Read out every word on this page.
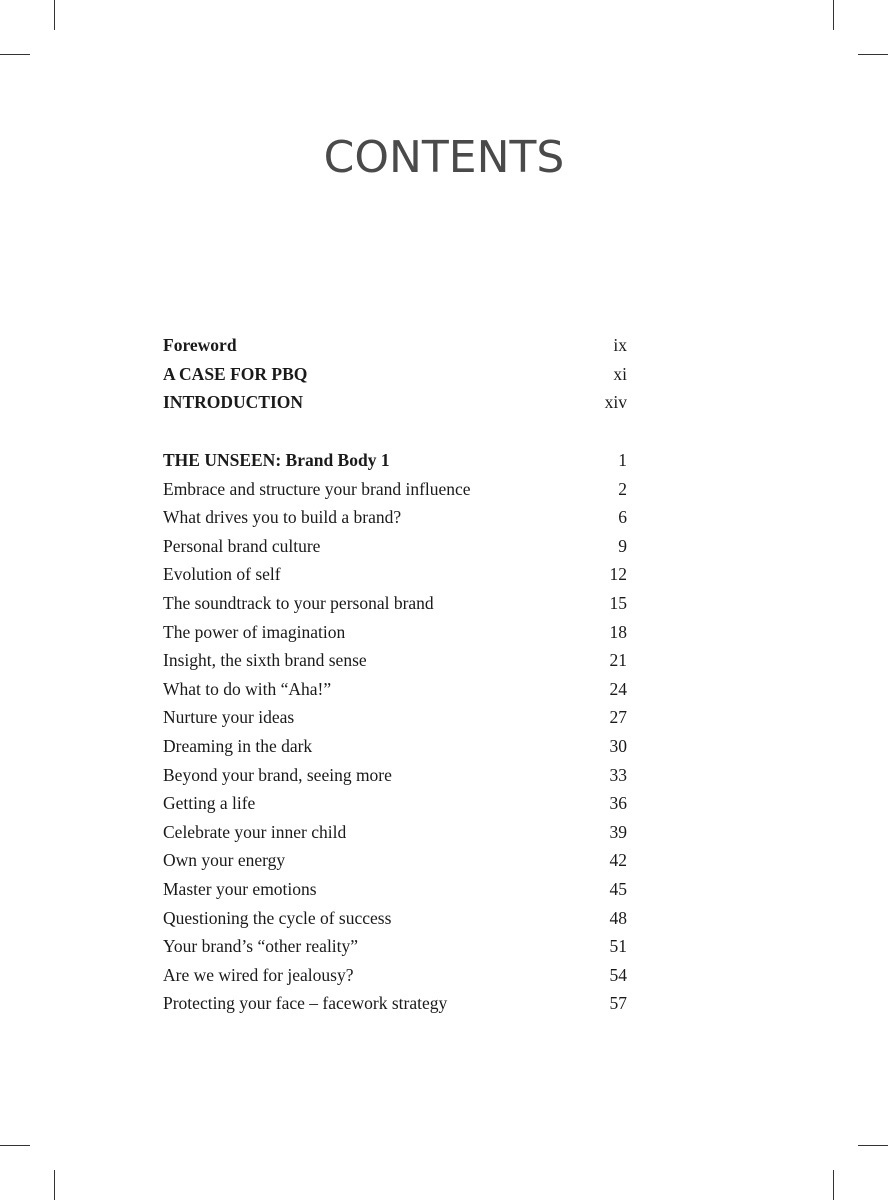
CONTENTS
Foreword	ix
A CASE FOR PBQ	xi
INTRODUCTION	xiv
THE UNSEEN: Brand Body 1	1
Embrace and structure your brand influence	2
What drives you to build a brand?	6
Personal brand culture	9
Evolution of self	12
The soundtrack to your personal brand	15
The power of imagination	18
Insight, the sixth brand sense	21
What to do with “Aha!”	24
Nurture your ideas	27
Dreaming in the dark	30
Beyond your brand, seeing more	33
Getting a life	36
Celebrate your inner child	39
Own your energy	42
Master your emotions	45
Questioning the cycle of success	48
Your brand’s “other reality”	51
Are we wired for jealousy?	54
Protecting your face – facework strategy	57
